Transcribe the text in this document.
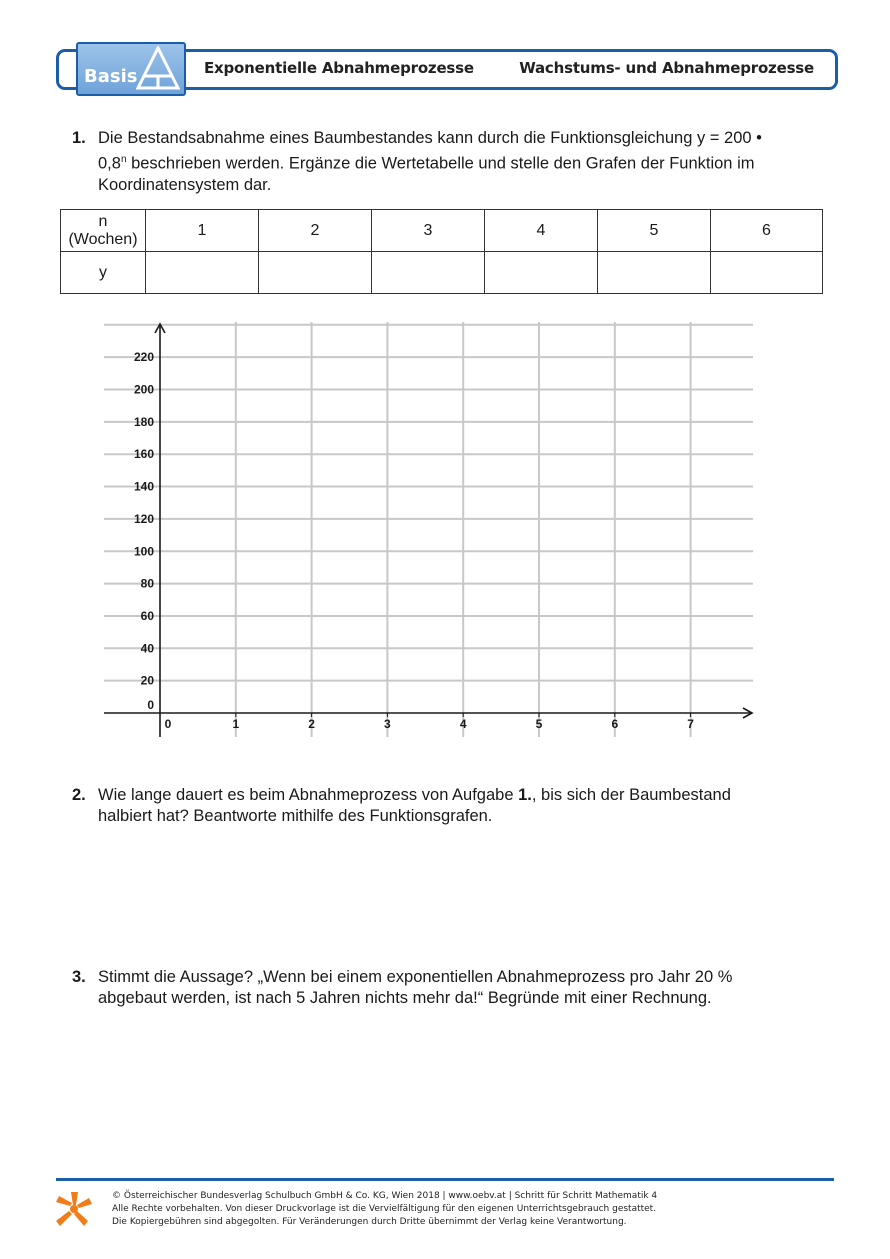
Basis	Exponentielle Abnahmeprozesse	Wachstums- und Abnahmeprozesse
1. Die Bestandsabnahme eines Baumbestandes kann durch die Funktionsgleichung y = 200 •
0,8$^n$ beschrieben werden. Ergänze die Wertetabelle und stelle den Grafen der Funktion im
Koordinatensystem dar.
n
(Wochen)	1	2	3	4	5	6
y						
0	1	2	3	4	5	6	7
0
20
40
60
80
100
120
140
160
180
200
220
2. Wie lange dauert es beim Abnahmeprozess von Aufgabe 1., bis sich der Baumbestand
halbiert hat? Beantworte mithilfe des Funktionsgrafen.
3. Stimmt die Aussage? „Wenn bei einem exponentiellen Abnahmeprozess pro Jahr 20 %
abgebaut werden, ist nach 5 Jahren nichts mehr da!“ Begründe mit einer Rechnung.
© Österreichischer Bundesverlag Schulbuch GmbH & Co. KG, Wien 2018 | www.oebv.at | Schritt für Schritt Mathematik 4
Alle Rechte vorbehalten. Von dieser Druckvorlage ist die Vervielfältigung für den eigenen Unterrichtsgebrauch gestattet.
Die Kopiergebühren sind abgegolten. Für Veränderungen durch Dritte übernimmt der Verlag keine Verantwortung.
